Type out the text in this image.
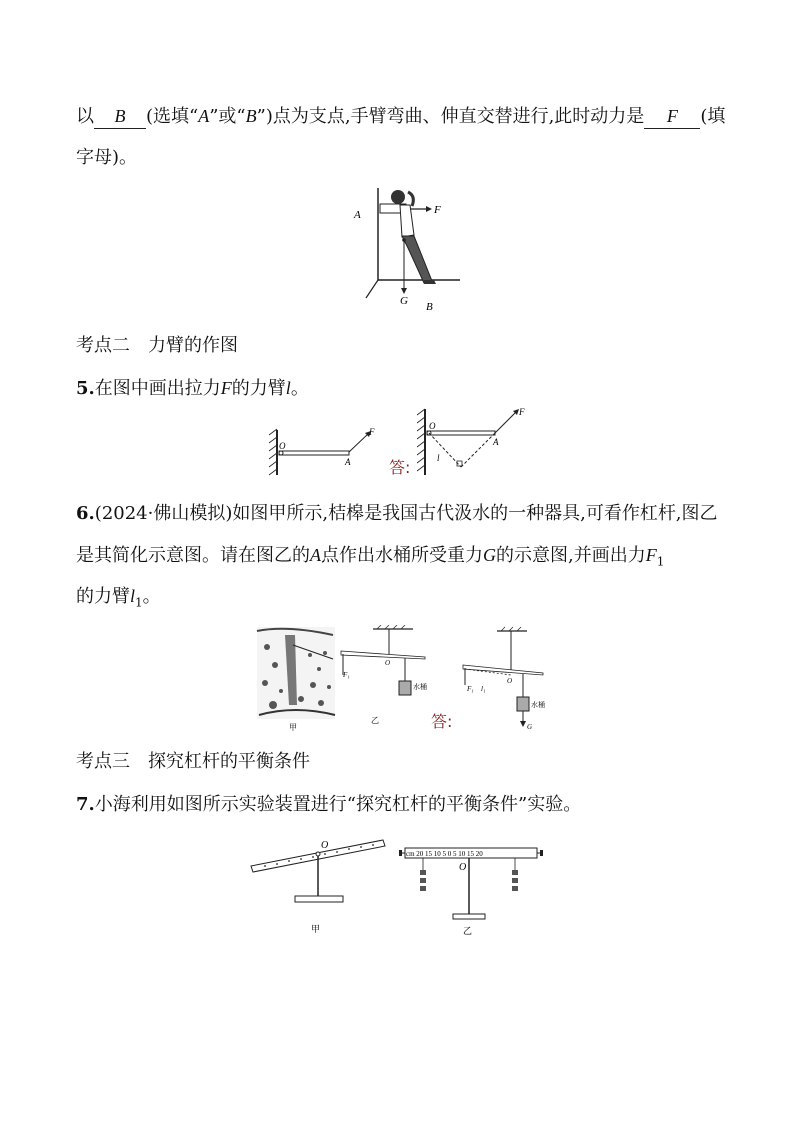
以 B (选填“A”或“B”)点为支点,手臂弯曲、伸直交替进行,此时动力是 F (填
字母)。
A	F
G B
考点二 力臂的作图
5.在图中画出拉力F的力臂l。
O
F
A 答:
O
F
A
l
6.(2024·佛山模拟)如图甲所示,桔槔是我国古代汲水的一种器具,可看作杠杆,图乙
是其简化示意图。请在图乙的A点作出水桶所受重力G的示意图,并画出力$F_1$
的力臂$l_1$。
甲
O
F₁
水桶
乙	答:
O
F₁ l₁
水桶
G
考点三 探究杠杆的平衡条件
7.小海利用如图所示实验装置进行“探究杠杆的平衡条件”实验。
O
甲
cm 20 15 10 5 0 5 10 15 20
O
乙
